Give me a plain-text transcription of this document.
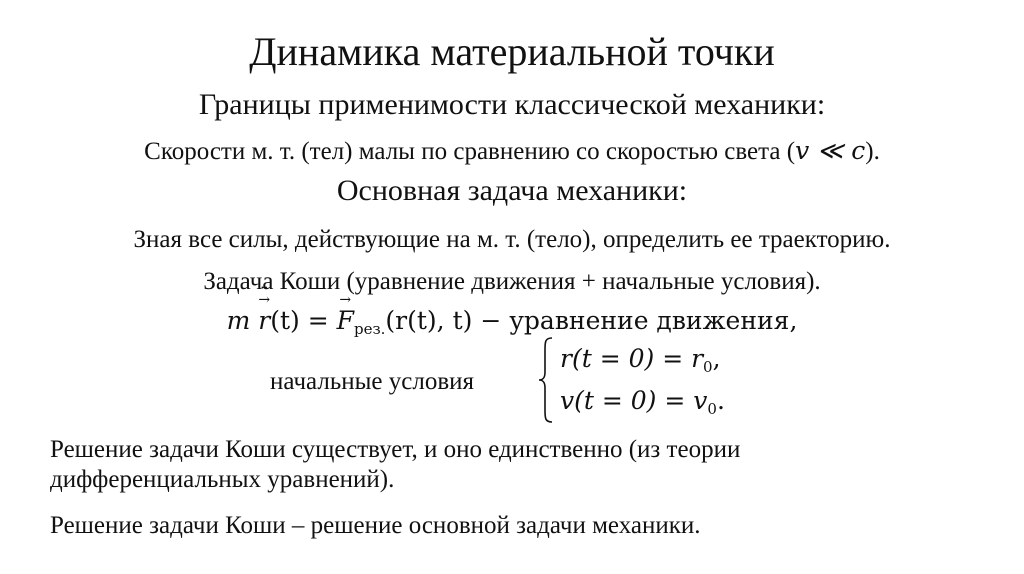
Динамика материальной точки
Границы применимости классической механики:
Скорости м. т. (тел) малы по сравнению со скоростью света (v ≪ c).
Основная задача механики:
Зная все силы, действующие на м. т. (тело), определить ее траекторию.
Задача Коши (уравнение движения + начальные условия).
m → r ¨(t) = → $F_{рез.}(r(t)$, t) − уравнение движения,
начальные условия
$r(t = 0) = r_0$,
$v(t = 0) = v_0$.
Решение задачи Коши существует, и оно единственно (из теории
дифференциальных уравнений).
Решение задачи Коши – решение основной задачи механики.
